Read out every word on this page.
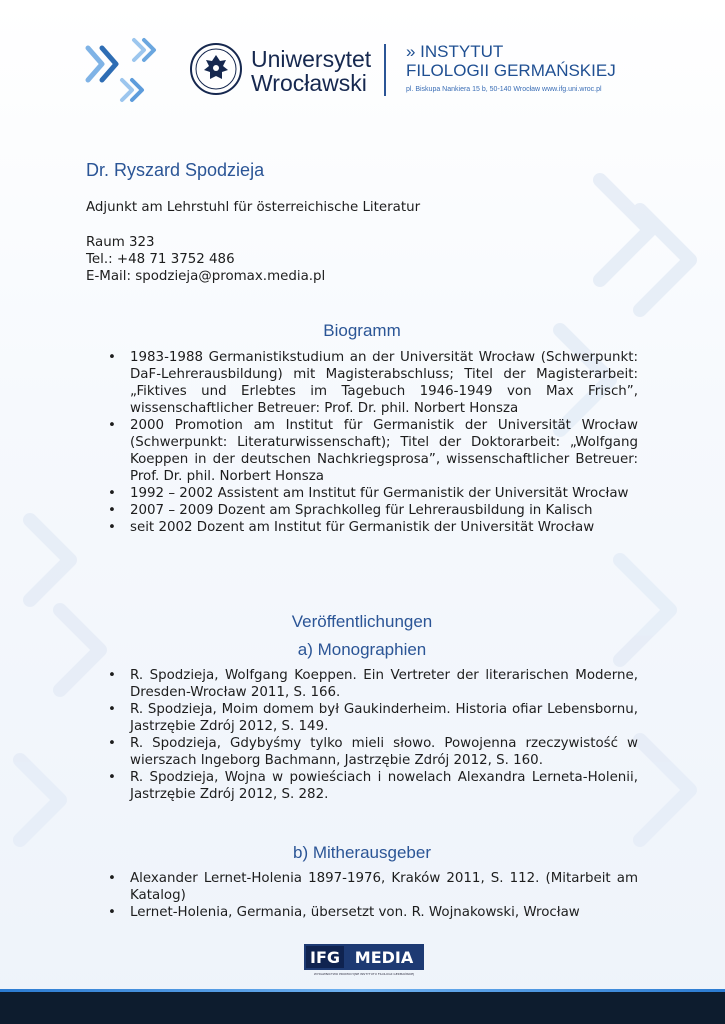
Uniwersytet
Wrocławski
» INSTYTUT
FILOLOGII GERMAŃSKIEJ
pl. Biskupa Nankiera 15 b, 50-140 Wrocław www.ifg.uni.wroc.pl
Dr. Ryszard Spodzieja
Adjunkt am Lehrstuhl für österreichische Literatur
Raum 323
Tel.: +48 71 3752 486
E-Mail: spodzieja@promax.media.pl
Biogramm
• 1983-1988 Germanistikstudium an der Universität Wrocław (Schwerpunkt: DaF-Lehrerausbildung) mit Magisterabschluss; Titel der Magisterarbeit: „Fiktives und Erlebtes im Tagebuch 1946-1949 von Max Frisch”, wissenschaftlicher Betreuer: Prof. Dr. phil. Norbert Honsza
• 2000 Promotion am Institut für Germanistik der Universität Wrocław (Schwerpunkt: Literaturwissenschaft); Titel der Doktorarbeit: „Wolfgang Koeppen in der deutschen Nachkriegsprosa”, wissenschaftlicher Betreuer: Prof. Dr. phil. Norbert Honsza
• 1992 – 2002 Assistent am Institut für Germanistik der Universität Wrocław
• 2007 – 2009 Dozent am Sprachkolleg für Lehrerausbildung in Kalisch
• seit 2002 Dozent am Institut für Germanistik der Universität Wrocław
Veröffentlichungen
a) Monographien
• R. Spodzieja, Wolfgang Koeppen. Ein Vertreter der literarischen Moderne, Dresden-Wrocław 2011, S. 166.
• R. Spodzieja, Moim domem był Gaukinderheim. Historia ofiar Lebensbornu, Jastrzębie Zdrój 2012, S. 149.
• R. Spodzieja, Gdybyśmy tylko mieli słowo. Powojenna rzeczywistość w wierszach Ingeborg Bachmann, Jastrzębie Zdrój 2012, S. 160.
• R. Spodzieja, Wojna w powieściach i nowelach Alexandra Lerneta-Holenii, Jastrzębie Zdrój 2012, S. 282.
b) Mitherausgeber
• Alexander Lernet-Holenia 1897-1976, Kraków 2011, S. 112. (Mitarbeit am Katalog)
• Lernet-Holenia, Germania, übersetzt von. R. Wojnakowski, Wrocław
IFG MEDIA
WYDAWNICTWO PROMOCYJNE INSTYTUTU FILOLOGII GERMAŃSKIEJ
